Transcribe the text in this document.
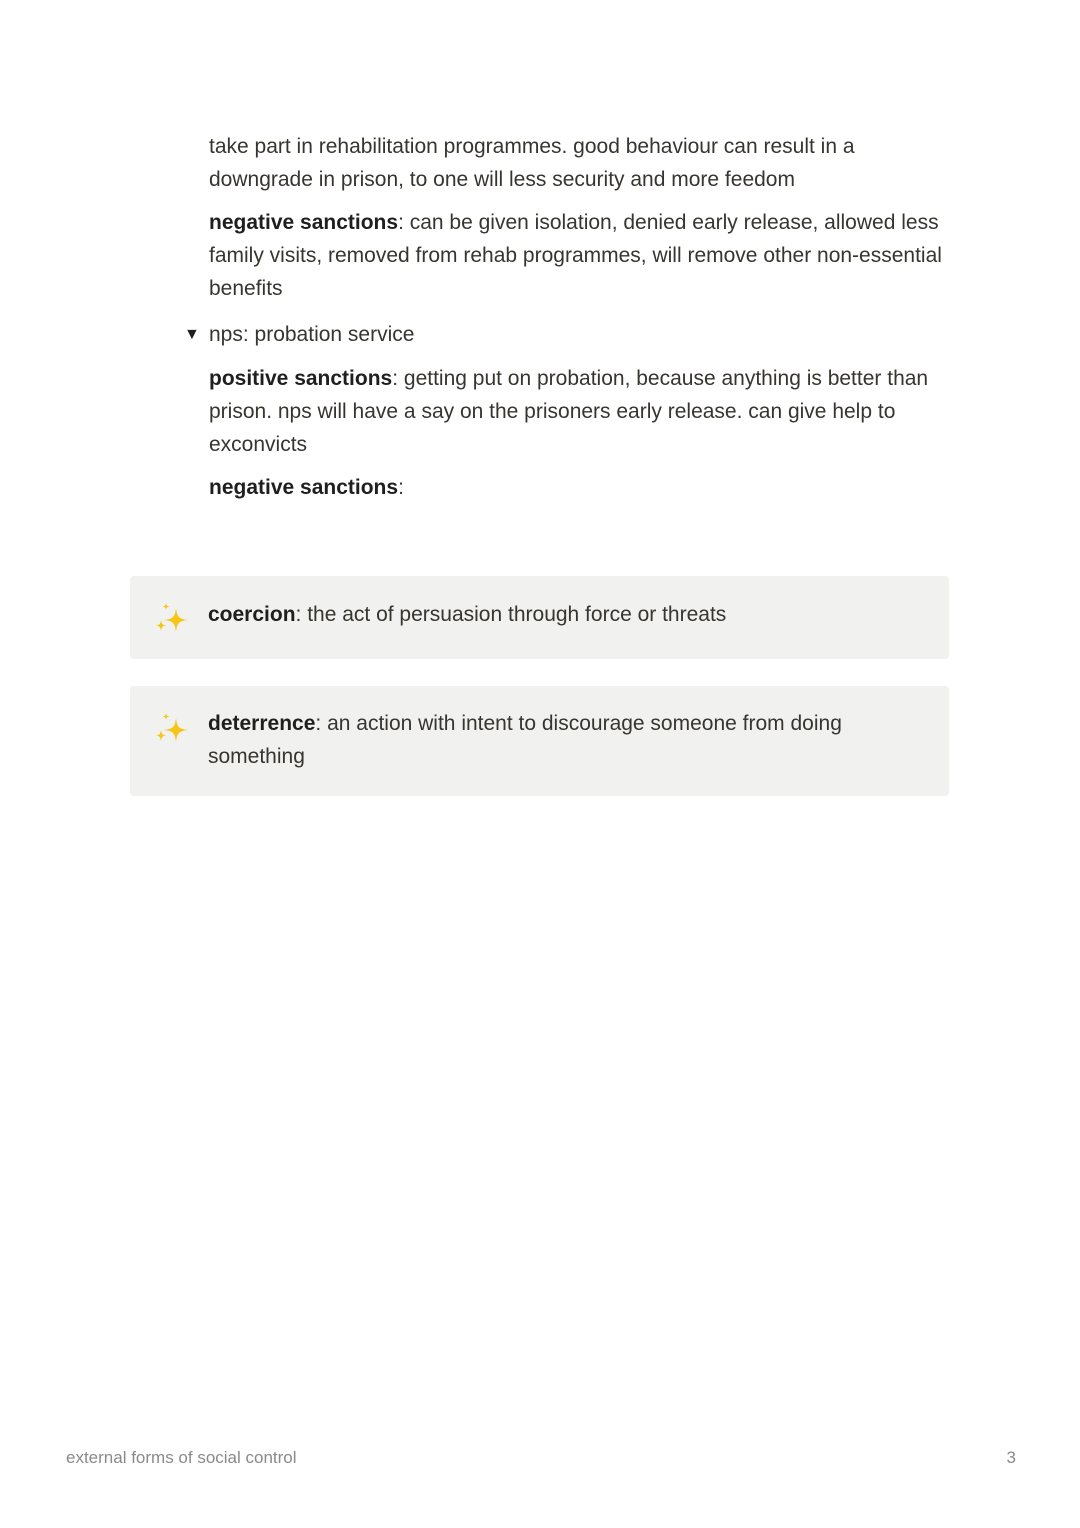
take part in rehabilitation programmes. good behaviour can result in a downgrade in prison, to one will less security and more feedom

negative sanctions: can be given isolation, denied early release, allowed less family visits, removed from rehab programmes, will remove other non-essential benefits

▼ nps: probation service

positive sanctions: getting put on probation, because anything is better than prison. nps will have a say on the prisoners early release. can give help to exconvicts

negative sanctions:

coercion: the act of persuasion through force or threats

deterrence: an action with intent to discourage someone from doing something

external forms of social control	3
